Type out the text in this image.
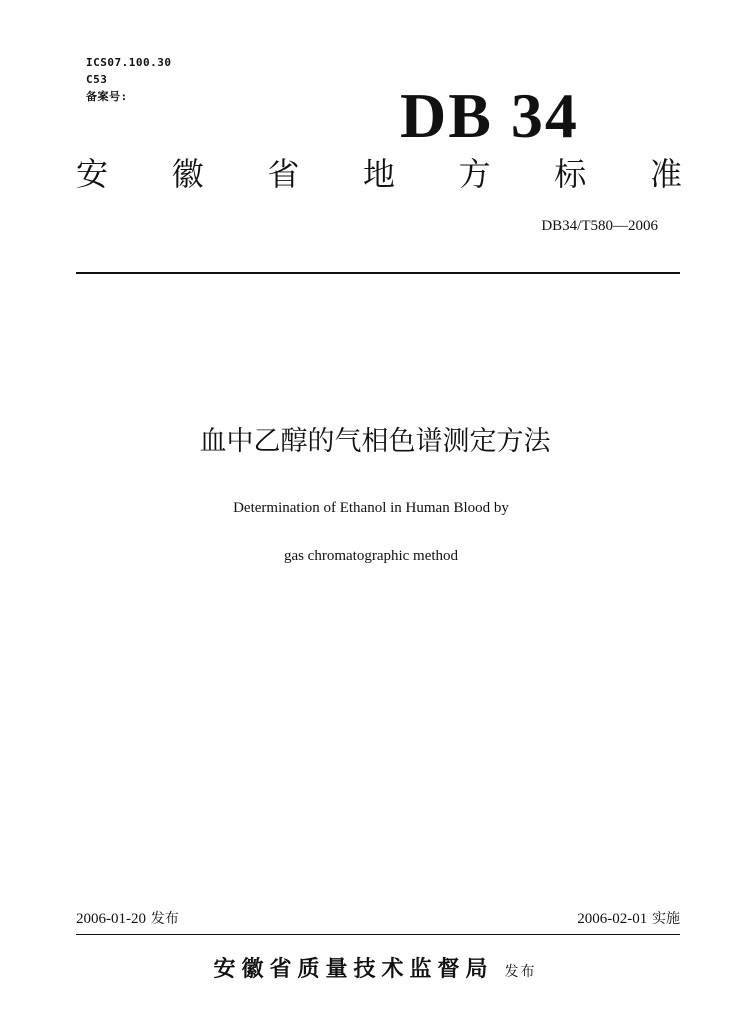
ICS07.100.30
C53
备案号:	DB 34
安 徽 省 地 方 标 准
DB34/T580—2006
血中乙醇的气相色谱测定方法
Determination of Ethanol in Human Blood by
gas chromatographic method
2006-01-20 发布	2006-02-01 实施
安徽省质量技术监督局 发布
